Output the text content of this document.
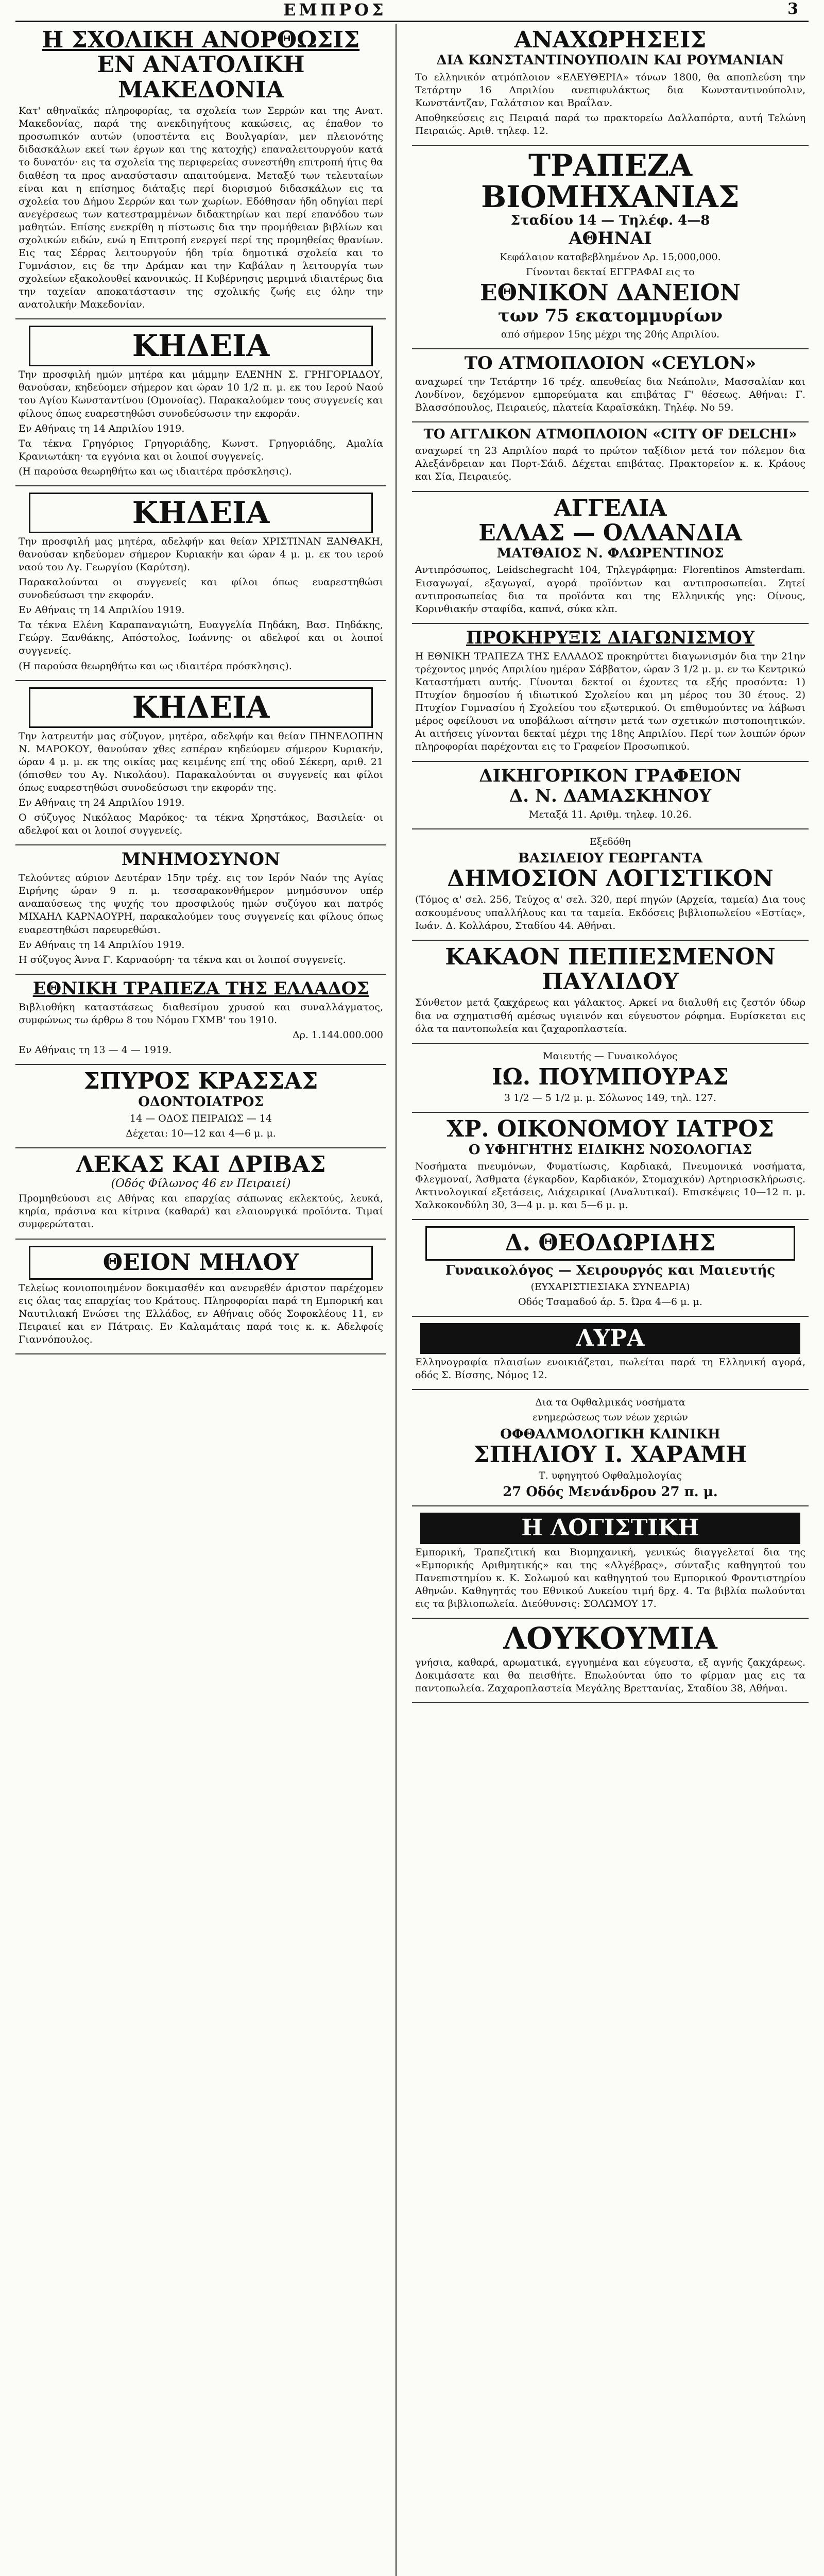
ΕΜΠΡΟΣ	3
Η ΣΧΟΛΙΚΗ ΑΝΟΡΘΩΣΙΣ
ΕΝ ΑΝΑΤΟΛΙΚΗ ΜΑΚΕΔΟΝΙΑ
Κατ' αθηναϊκάς πληροφορίας, τα σχολεία των Σερρών και της Ανατ. Μακεδονίας, παρά της ανεκδιηγήτους κακώσεις, ας έπαθον το προσωπικόν αυτών (υποστέντα εις Βουλγαρίαν, μεν πλειονότης διδασκάλων εκεί των έργων και της κατοχής) επαναλειτουργούν κατά το δυνατόν· εις τα σχολεία της περιφερείας συνεστήθη επιτροπή ήτις θα διαθέση τα προς ανασύστασιν απαιτούμενα. Μεταξύ των τελευταίων είναι και η επίσημος διάταξις περί διορισμού διδασκάλων εις τα σχολεία του Δήμου Σερρών και των χωρίων. Εδόθησαν ήδη οδηγίαι περί ανεγέρσεως των κατεστραμμένων διδακτηρίων και περί επανόδου των μαθητών. Επίσης ενεκρίθη η πίστωσις δια την προμήθειαν βιβλίων και σχολικών ειδών, ενώ η Επιτροπή ενεργεί περί της προμηθείας θρανίων. Εις τας Σέρρας λειτουργούν ήδη τρία δημοτικά σχολεία και το Γυμνάσιον, εις δε την Δράμαν και την Καβάλαν η λειτουργία των σχολείων εξακολουθεί κανονικώς. Η Κυβέρνησις μεριμνά ιδιαιτέρως δια την ταχείαν αποκατάστασιν της σχολικής ζωής εις όλην την ανατολικήν Μακεδονίαν.
ΚΗΔΕΙΑ
Την προσφιλή ημών μητέρα και μάμμην ΕΛΕΝΗΝ Σ. ΓΡΗΓΟΡΙΑΔΟΥ, θανούσαν, κηδεύομεν σήμερον και ώραν 10 1/2 π. μ. εκ του Ιερού Ναού του Αγίου Κωνσταντίνου (Ομονοίας). Παρακαλούμεν τους συγγενείς και φίλους όπως ευαρεστηθώσι συνοδεύσωσιν την εκφοράν.
Εν Αθήναις τη 14 Απριλίου 1919.
Τα τέκνα Γρηγόριος Γρηγοριάδης, Κωνστ. Γρηγοριάδης, Αμαλία Κρανιωτάκη· τα εγγόνια και οι λοιποί συγγενείς.
(Η παρούσα θεωρηθήτω και ως ιδιαιτέρα πρόσκλησις).
ΚΗΔΕΙΑ
Την προσφιλή μας μητέρα, αδελφήν και θείαν ΧΡΙΣΤΙΝΑΝ ΞΑΝΘΑΚΗ, θανούσαν κηδεύομεν σήμερον Κυριακήν και ώραν 4 μ. μ. εκ του ιερού ναού του Αγ. Γεωργίου (Καρύτση).
Παρακαλούνται οι συγγενείς και φίλοι όπως ευαρεστηθώσι συνοδεύσωσι την εκφοράν.
Εν Αθήναις τη 14 Απριλίου 1919.
Τα τέκνα Ελένη Καραπαναγιώτη, Ευαγγελία Πηδάκη, Βασ. Πηδάκης, Γεώργ. Ξανθάκης, Απόστολος, Ιωάννης· οι αδελφοί και οι λοιποί συγγενείς.
(Η παρούσα θεωρηθήτω και ως ιδιαιτέρα πρόσκλησις).
ΚΗΔΕΙΑ
Την λατρευτήν μας σύζυγον, μητέρα, αδελφήν και θείαν ΠΗΝΕΛΟΠΗΝ Ν. ΜΑΡΟΚΟΥ, θανούσαν χθες εσπέραν κηδεύομεν σήμερον Κυριακήν, ώραν 4 μ. μ. εκ της οικίας μας κειμένης επί της οδού Σέκερη, αριθ. 21 (όπισθεν του Αγ. Νικολάου). Παρακαλούνται οι συγγενείς και φίλοι όπως ευαρεστηθώσι συνοδεύσωσι την εκφοράν της.
Εν Αθήναις τη 24 Απριλίου 1919.
Ο σύζυγος Νικόλαος Μαρόκος· τα τέκνα Χρηστάκος, Βασιλεία· οι αδελφοί και οι λοιποί συγγενείς.
ΜΝΗΜΟΣΥΝΟΝ
Τελούντες αύριον Δευτέραν 15ην τρέχ. εις τον Ιερόν Ναόν της Αγίας Ειρήνης ώραν 9 π. μ. τεσσαρακονθήμερον μνημόσυνον υπέρ αναπαύσεως της ψυχής του προσφιλούς ημών συζύγου και πατρός ΜΙΧΑΗΛ ΚΑΡΝΑΟΥΡΗ, παρακαλούμεν τους συγγενείς και φίλους όπως ευαρεστηθώσι παρευρεθώσι.
Εν Αθήναις τη 14 Απριλίου 1919.
Η σύζυγος Άννα Γ. Καρναούρη· τα τέκνα και οι λοιποί συγγενείς.
ΕΘΝΙΚΗ ΤΡΑΠΕΖΑ ΤΗΣ ΕΛΛΑΔΟΣ
Βιβλιοθήκη καταστάσεως διαθεσίμου χρυσού και συναλλάγματος, συμφώνως τω άρθρω 8 του Νόμου ΓΧΜΒ' του 1910.
Δρ. 1.144.000.000
Εν Αθήναις τη 13 — 4 — 1919.
ΣΠΥΡΟΣ ΚΡΑΣΣΑΣ
ΟΔΟΝΤΟΙΑΤΡΟΣ
14 — ΟΔΟΣ ΠΕΙΡΑΙΩΣ — 14
Δέχεται: 10—12 και 4—6 μ. μ.
ΛΕΚΑΣ ΚΑΙ ΔΡΙΒΑΣ
(Οδός Φίλωνος 46 εν Πειραιεί)
Προμηθεύουσι εις Αθήνας και επαρχίας σάπωνας εκλεκτούς, λευκά, κηρία, πράσινα και κίτρινα (καθαρά) και ελαιουργικά προϊόντα. Τιμαί συμφερώταται.
ΘΕΙΟΝ ΜΗΛΟΥ
Τελείως κονιοποιημένον δοκιμασθέν και ανευρεθέν άριστον παρέχομεν εις όλας τας επαρχίας του Κράτους. Πληροφορίαι παρά τη Εμπορική και Ναυτιλιακή Ενώσει της Ελλάδος, εν Αθήναις οδός Σοφοκλέους 11, εν Πειραιεί και εν Πάτραις. Εν Καλαμάταις παρά τοις κ. κ. Αδελφοίς Γιαννόπουλος.
ΑΝΑΧΩΡΗΣΕΙΣ
ΔΙΑ ΚΩΝΣΤΑΝΤΙΝΟΥΠΟΛΙΝ ΚΑΙ ΡΟΥΜΑΝΙΑΝ
Το ελληνικόν ατμόπλοιον «ΕΛΕΥΘΕΡΙΑ» τόνων 1800, θα αποπλεύση την Τετάρτην 16 Απριλίου ανεπιφυλάκτως δια Κωνσταντινούπολιν, Κωνστάντζαν, Γαλάτσιον και Βραΐλαν.
Αποθηκεύσεις εις Πειραιά παρά τω πρακτορείω Δαλλαπόρτα, αυτή Τελώνη Πειραιώς. Αριθ. τηλεφ. 12.
ΤΡΑΠΕΖΑ ΒΙΟΜΗΧΑΝΙΑΣ
Σταδίου 14 — Τηλέφ. 4—8
ΑΘΗΝΑΙ
Κεφάλαιον καταβεβλημένον Δρ. 15,000,000.
Γίνονται δεκταί ΕΓΓΡΑΦΑΙ εις το
ΕΘΝΙΚΟΝ ΔΑΝΕΙΟΝ
των 75 εκατομμυρίων
από σήμερον 15ης μέχρι της 20ής Απριλίου.
ΤΟ ΑΤΜΟΠΛΟΙΟΝ «CEYLON»
αναχωρεί την Τετάρτην 16 τρέχ. απευθείας δια Νεάπολιν, Μασσαλίαν και Λονδίνον, δεχόμενον εμπορεύματα και επιβάτας Γ' θέσεως. Αθήναι: Γ. Βλασσόπουλος, Πειραιεύς, πλατεία Καραϊσκάκη. Τηλέφ. Νο 59.
ΤΟ ΑΓΓΛΙΚΟΝ ΑΤΜΟΠΛΟΙΟΝ «CITY OF DELCHI»
αναχωρεί τη 23 Απριλίου παρά το πρώτον ταξίδιον μετά τον πόλεμον δια Αλεξάνδρειαν και Πορτ-Σάιδ. Δέχεται επιβάτας. Πρακτορείον κ. κ. Κράους και Σία, Πειραιεύς.
ΑΓΓΕΛΙΑ
ΕΛΛΑΣ — ΟΛΛΑΝΔΙΑ
ΜΑΤΘΑΙΟΣ Ν. ΦΛΩΡΕΝΤΙΝΟΣ
Αντιπρόσωπος, Leidschegracht 104, Τηλεγράφημα: Florentinos Amsterdam. Εισαγωγαί, εξαγωγαί, αγορά προϊόντων και αντιπροσωπείαι. Ζητεί αντιπροσωπείας δια τα προϊόντα και της Ελληνικής γης: Οίνους, Κορινθιακήν σταφίδα, καπνά, σύκα κλπ.
ΠΡΟΚΗΡΥΞΙΣ ΔΙΑΓΩΝΙΣΜΟΥ
Η ΕΘΝΙΚΗ ΤΡΑΠΕΖΑ ΤΗΣ ΕΛΛΑΔΟΣ προκηρύττει διαγωνισμόν δια την 21ην τρέχοντος μηνός Απριλίου ημέραν Σάββατον, ώραν 3 1/2 μ. μ. εν τω Κεντρικώ Καταστήματι αυτής. Γίνονται δεκτοί οι έχοντες τα εξής προσόντα: 1) Πτυχίον δημοσίου ή ιδιωτικού Σχολείου και μη μέρος του 30 έτους. 2) Πτυχίον Γυμνασίου ή Σχολείου του εξωτερικού. Οι επιθυμούντες να λάβωσι μέρος οφείλουσι να υποβάλωσι αίτησιν μετά των σχετικών πιστοποιητικών. Αι αιτήσεις γίνονται δεκταί μέχρι της 18ης Απριλίου. Περί των λοιπών όρων πληροφορίαι παρέχονται εις το Γραφείον Προσωπικού.
ΔΙΚΗΓΟΡΙΚΟΝ ΓΡΑΦΕΙΟΝ
Δ. Ν. ΔΑΜΑΣΚΗΝΟΥ
Μεταξά 11. Αριθμ. τηλεφ. 10.26.
Εξεδόθη
ΒΑΣΙΛΕΙΟΥ ΓΕΩΡΓΑΝΤΑ
ΔΗΜΟΣΙΟΝ ΛΟΓΙΣΤΙΚΟΝ
(Τόμος α' σελ. 256, Τεύχος α' σελ. 320, περί πηγών (Αρχεία, ταμεία) Δια τους ασκουμένους υπαλλήλους και τα ταμεία. Εκδόσεις βιβλιοπωλείου «Εστίας», Ιωάν. Δ. Κολλάρου, Σταδίου 44. Αθήναι.
ΚΑΚΑΟΝ ΠΕΠΙΕΣΜΕΝΟΝ
ΠΑΥΛΙΔΟΥ
Σύνθετον μετά ζακχάρεως και γάλακτος. Αρκεί να διαλυθή εις ζεστόν ύδωρ δια να σχηματισθή αμέσως υγιεινόν και εύγευστον ρόφημα. Ευρίσκεται εις όλα τα παντοπωλεία και ζαχαροπλαστεία.
Μαιευτής — Γυναικολόγος
ΙΩ. ΠΟΥΜΠΟΥΡΑΣ
3 1/2 — 5 1/2 μ. μ. Σόλωνος 149, τηλ. 127.
ΧΡ. ΟΙΚΟΝΟΜΟΥ ΙΑΤΡΟΣ
Ο ΥΦΗΓΗΤΗΣ ΕΙΔΙΚΗΣ ΝΟΣΟΛΟΓΙΑΣ
Νοσήματα πνευμόνων, Φυματίωσις, Καρδιακά, Πνευμονικά νοσήματα, Φλεγμοναί, Άσθματα (έγκαρδον, Καρδιακόν, Στομαχικόν) Αρτηριοσκλήρωσις. Ακτινολογικαί εξετάσεις, Διάχειρικαί (Αναλυτικαί). Επισκέψεις 10—12 π. μ. Χαλκοκονδύλη 30, 3—4 μ. μ. και 5—6 μ. μ.
Δ. ΘΕΟΔΩΡΙΔΗΣ
Γυναικολόγος — Χειρουργός και Μαιευτής
(ΕΥΧΑΡΙΣΤΙΕΣΙΑΚΑ ΣΥΝΕΔΡΙΑ)
Οδός Τσαμαδού άρ. 5. Ώρα 4—6 μ. μ.
ΛΥΡΑ
Ελληνογραφία πλαισίων ενοικιάζεται, πωλείται παρά τη Ελληνική αγορά, οδός Σ. Βίσσης, Νόμος 12.
Δια τα Οφθαλμικάς νοσήματα
ενημερώσεως των νέων χεριών
ΟΦΘΑΛΜΟΛΟΓΙΚΗ ΚΛΙΝΙΚΗ
ΣΠΗΛΙΟΥ Ι. ΧΑΡΑΜΗ
Τ. υφηγητού Οφθαλμολογίας
27 Οδός Μενάνδρου 27 π. μ.
Η ΛΟΓΙΣΤΙΚΗ
Εμπορική, Τραπεζιτική και Βιομηχανική, γενικώς διαγγελεταί δια της «Εμπορικής Αριθμητικής» και της «Αλγέβρας», σύνταξις καθηγητού του Πανεπιστημίου κ. Κ. Σολωμού και καθηγητού του Εμπορικού Φροντιστηρίου Αθηνών. Καθηγητάς του Εθνικού Λυκείου τιμή δρχ. 4. Τα βιβλία πωλούνται εις τα βιβλιοπωλεία. Διεύθυνσις: ΣΟΛΩΜΟΥ 17.
ΛΟΥΚΟΥΜΙΑ
γνήσια, καθαρά, αρωματικά, εγγυημένα και εύγευστα, εξ αγνής ζακχάρεως. Δοκιμάσατε και θα πεισθήτε. Επωλούνται ύπο το φίρμαν μας εις τα παντοπωλεία. Ζαχαροπλαστεία Μεγάλης Βρεττανίας, Σταδίου 38, Αθήναι.
